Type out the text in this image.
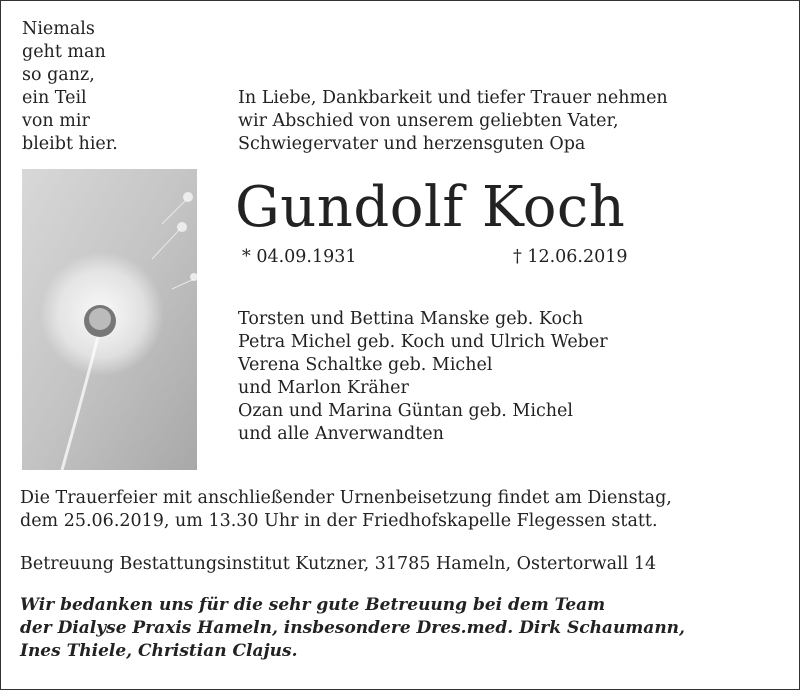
Niemals
geht man
so ganz,
ein Teil
von mir
bleibt hier.
In Liebe, Dankbarkeit und tiefer Trauer nehmen
wir Abschied von unserem geliebten Vater,
Schwiegervater und herzensguten Opa
Gundolf Koch
* 04.09.1931	† 12.06.2019
Torsten und Bettina Manske geb. Koch
Petra Michel geb. Koch und Ulrich Weber
Verena Schaltke geb. Michel
und Marlon Kräher
Ozan und Marina Güntan geb. Michel
und alle Anverwandten
Die Trauerfeier mit anschließender Urnenbeisetzung findet am Dienstag,
dem 25.06.2019, um 13.30 Uhr in der Friedhofskapelle Flegessen statt.
Betreuung Bestattungsinstitut Kutzner, 31785 Hameln, Ostertorwall 14
Wir bedanken uns für die sehr gute Betreuung bei dem Team
der Dialyse Praxis Hameln, insbesondere Dres.med. Dirk Schaumann,
Ines Thiele, Christian Clajus.
